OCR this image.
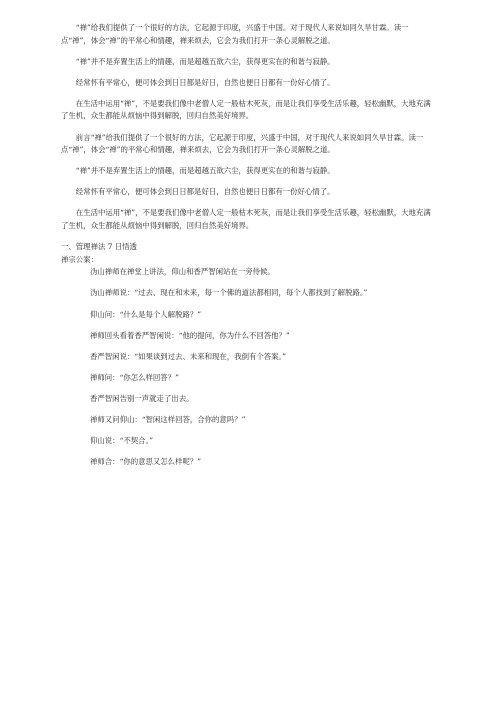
“禅”给我们提供了一个很好的方法，它起源于印度，兴盛于中国。对于现代人来说如同久旱甘霖。读一点“禅”，体会“禅”的平常心和情趣，禅来烦去，它会为我们打开一条心灵解脱之道。

“禅”并不是弃置生活上的情趣，而是超越五欲六尘，获得更实在的和谐与寂静。

经常怀有平常心，便可体会到日日都是好日，自然也便日日都有一份好心情了。

在生活中运用“禅”，不是要我们像中老僧人定一般枯木死灰，而是让我们享受生活乐趣，轻松幽默，大地充满了生机，众生都能从烦恼中得到解脱，回归自然美好境界。

前言“禅”给我们提供了一个很好的方法，它起源于印度，兴盛于中国，对于现代人来说如同久旱甘霖。读一点“禅”，体会“禅”的平常心和情趣，禅来烦去，它会为我们打开一条心灵解脱之道。

“禅”并不是弃置生活上的情趣，而是超越五欲六尘，获得更实在的和谐与寂静。

经常怀有平常心，便可体会到日日都是好日，自然也便日日都有一份好心情了。

在生活中运用“禅”，不是要我们像中老僧人定一般枯木死灰，而是让我们享受生活乐趣，轻松幽默，大地充满了生机，众生都能从烦恼中得到解脱，回归自然美好境界。

一、管理禅法 7 日悟透

禅宗公案：

沩山禅师在禅堂上讲法，仰山和香严智闲站在一旁侍候。

沩山禅师说：“过去、现在和未来，每一个佛的道法都相同，每个人都找到了解脱路。”

仰山问：“什么是每个人解脱路？”

禅师回头看着香严智闲说：“他的提问，你为什么不回答他？”

香严智闲说：“如果谈到过去、未来和现在，我倒有个答案。”

禅师问：“你怎么样回答？”

香严智闲告别一声就走了出去。

禅师又问仰山：“智闲这样回答，合你的意吗？”

仰山说：“不契合。”

禅师合：“你的意思又怎么样呢？”
